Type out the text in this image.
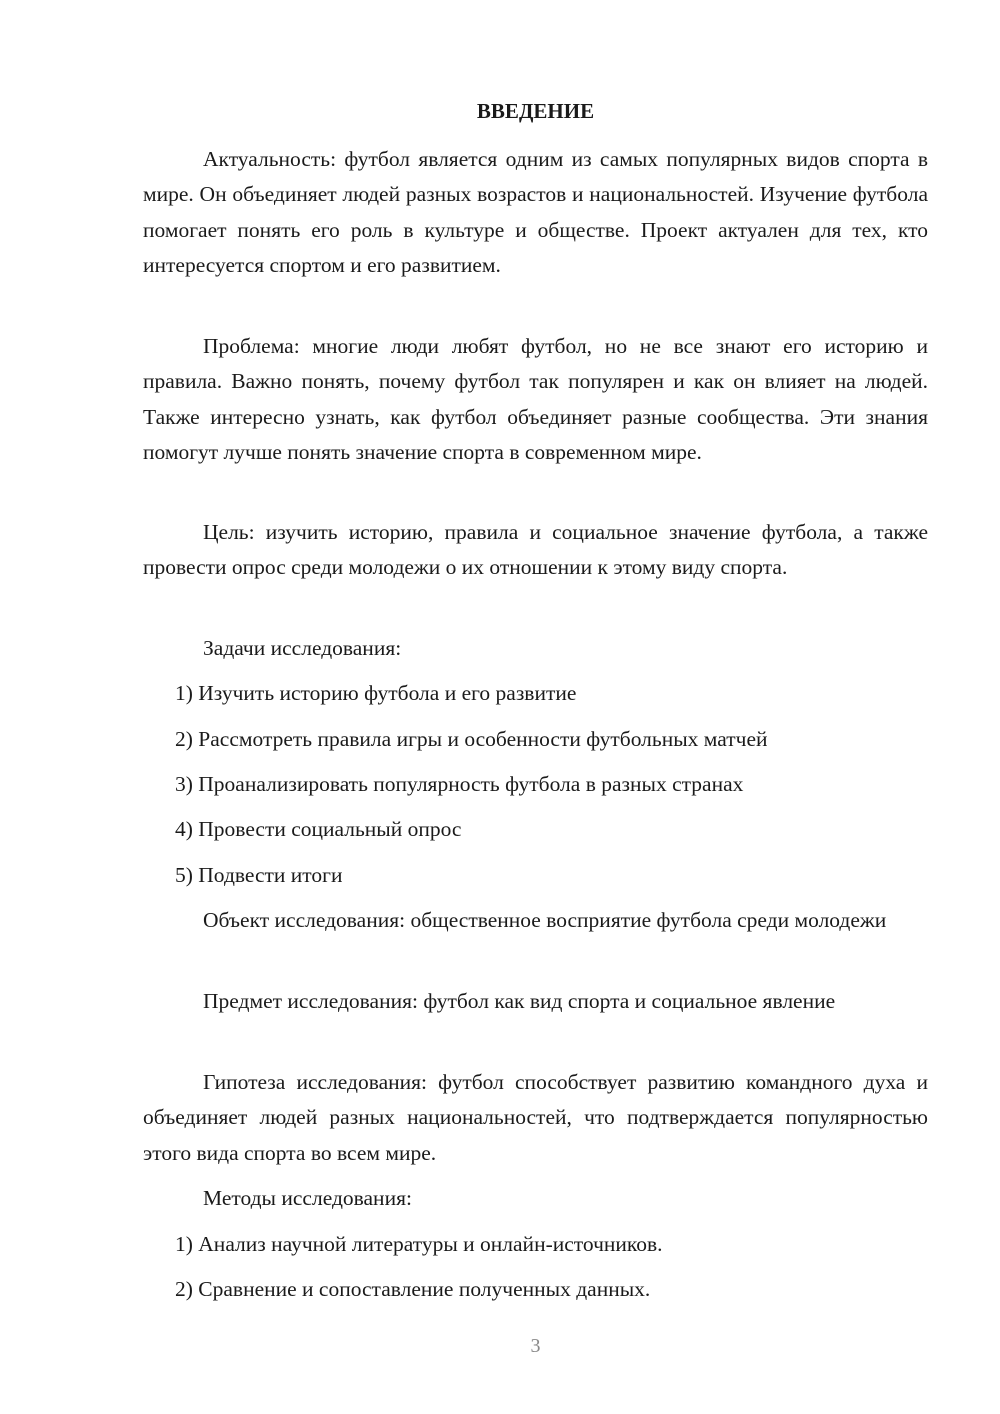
ВВЕДЕНИЕ

Актуальность: футбол является одним из самых популярных видов спорта в мире. Он объединяет людей разных возрастов и национальностей. Изучение футбола помогает понять его роль в культуре и обществе. Проект актуален для тех, кто интересуется спортом и его развитием.

Проблема: многие люди любят футбол, но не все знают его историю и правила. Важно понять, почему футбол так популярен и как он влияет на людей. Также интересно узнать, как футбол объединяет разные сообщества. Эти знания помогут лучше понять значение спорта в современном мире.

Цель: изучить историю, правила и социальное значение футбола, а также провести опрос среди молодежи о их отношении к этому виду спорта.

Задачи исследования:

1) Изучить историю футбола и его развитие

2) Рассмотреть правила игры и особенности футбольных матчей

3) Проанализировать популярность футбола в разных странах

4) Провести социальный опрос

5) Подвести итоги

Объект исследования: общественное восприятие футбола среди молодежи

Предмет исследования: футбол как вид спорта и социальное явление

Гипотеза исследования: футбол способствует развитию командного духа и объединяет людей разных национальностей, что подтверждается популярностью этого вида спорта во всем мире.

Методы исследования:

1) Анализ научной литературы и онлайн-источников.

2) Сравнение и сопоставление полученных данных.

3
